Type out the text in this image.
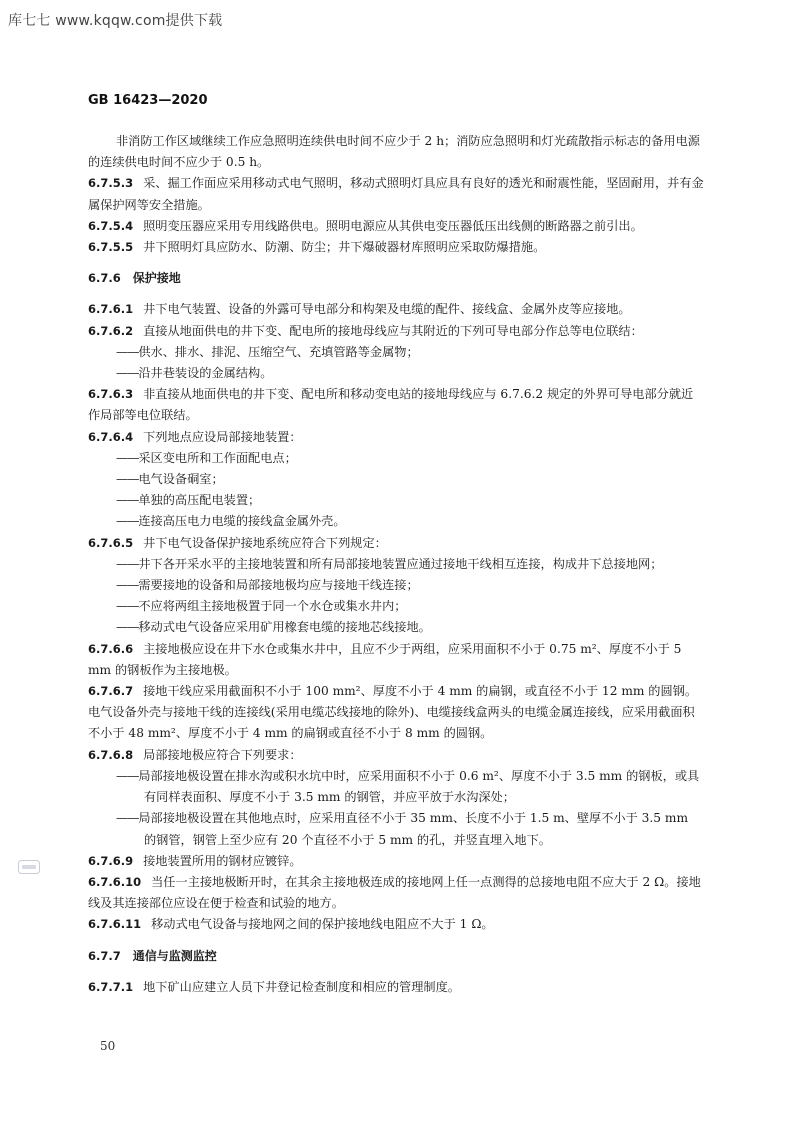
库七七 www.kqqw.com提供下载
GB 16423—2020

非消防工作区域继续工作应急照明连续供电时间不应少于 2 h；消防应急照明和灯光疏散指示标志的备用电源的连续供电时间不应少于 0.5 h。

6.7.5.3 采、掘工作面应采用移动式电气照明，移动式照明灯具应具有良好的透光和耐震性能，坚固耐用，并有金属保护网等安全措施。

6.7.5.4 照明变压器应采用专用线路供电。照明电源应从其供电变压器低压出线侧的断路器之前引出。

6.7.5.5 井下照明灯具应防水、防潮、防尘；井下爆破器材库照明应采取防爆措施。

6.7.6 保护接地

6.7.6.1 井下电气装置、设备的外露可导电部分和构架及电缆的配件、接线盒、金属外皮等应接地。

6.7.6.2 直接从地面供电的井下变、配电所的接地母线应与其附近的下列可导电部分作总等电位联结：

——供水、排水、排泥、压缩空气、充填管路等金属物；

——沿井巷装设的金属结构。

6.7.6.3 非直接从地面供电的井下变、配电所和移动变电站的接地母线应与 6.7.6.2 规定的外界可导电部分就近作局部等电位联结。

6.7.6.4 下列地点应设局部接地装置：

——采区变电所和工作面配电点；

——电气设备硐室；

——单独的高压配电装置；

——连接高压电力电缆的接线盒金属外壳。

6.7.6.5 井下电气设备保护接地系统应符合下列规定：

——井下各开采水平的主接地装置和所有局部接地装置应通过接地干线相互连接，构成井下总接地网；

——需要接地的设备和局部接地极均应与接地干线连接；

——不应将两组主接地极置于同一个水仓或集水井内；

——移动式电气设备应采用矿用橡套电缆的接地芯线接地。

6.7.6.6 主接地极应设在井下水仓或集水井中，且应不少于两组，应采用面积不小于 0.75 m²、厚度不小于 5 mm 的钢板作为主接地极。

6.7.6.7 接地干线应采用截面积不小于 100 mm²、厚度不小于 4 mm 的扁钢，或直径不小于 12 mm 的圆钢。电气设备外壳与接地干线的连接线(采用电缆芯线接地的除外)、电缆接线盒两头的电缆金属连接线，应采用截面积不小于 48 mm²、厚度不小于 4 mm 的扁钢或直径不小于 8 mm 的圆钢。

6.7.6.8 局部接地极应符合下列要求：

——局部接地极设置在排水沟或积水坑中时，应采用面积不小于 0.6 m²、厚度不小于 3.5 mm 的钢板，或具有同样表面积、厚度不小于 3.5 mm 的钢管，并应平放于水沟深处；

——局部接地极设置在其他地点时，应采用直径不小于 35 mm、长度不小于 1.5 m、壁厚不小于 3.5 mm 的钢管，钢管上至少应有 20 个直径不小于 5 mm 的孔，并竖直埋入地下。

6.7.6.9 接地装置所用的钢材应镀锌。

6.7.6.10 当任一主接地极断开时，在其余主接地极连成的接地网上任一点测得的总接地电阻不应大于 2 Ω。接地线及其连接部位应设在便于检查和试验的地方。

6.7.6.11 移动式电气设备与接地网之间的保护接地线电阻应不大于 1 Ω。

6.7.7 通信与监测监控

6.7.7.1 地下矿山应建立人员下井登记检查制度和相应的管理制度。

50
